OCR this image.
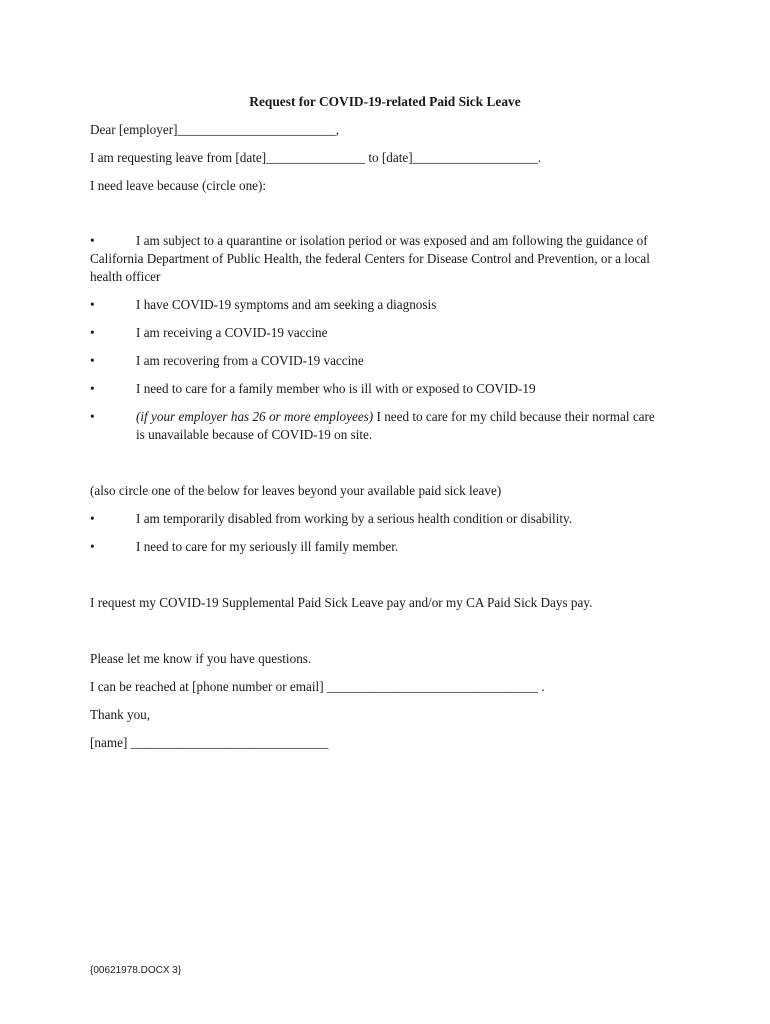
Request for COVID-19-related Paid Sick Leave
Dear [employer]________________________,
I am requesting leave from [date]_______________ to [date]___________________.
I need leave because (circle one):
•	I am subject to a quarantine or isolation period or was exposed and am following the guidance of
California Department of Public Health, the federal Centers for Disease Control and Prevention, or a local
health officer
•	I have COVID-19 symptoms and am seeking a diagnosis
•	I am receiving a COVID-19 vaccine
•	I am recovering from a COVID-19 vaccine
•	I need to care for a family member who is ill with or exposed to COVID-19
•	(if your employer has 26 or more employees) I need to care for my child because their normal care is unavailable because of COVID-19 on site.
(also circle one of the below for leaves beyond your available paid sick leave)
•	I am temporarily disabled from working by a serious health condition or disability.
•	I need to care for my seriously ill family member.
I request my COVID-19 Supplemental Paid Sick Leave pay and/or my CA Paid Sick Days pay.
Please let me know if you have questions.
I can be reached at [phone number or email] ________________________________ .
Thank you,
[name] ______________________________
{00621978.DOCX 3}
